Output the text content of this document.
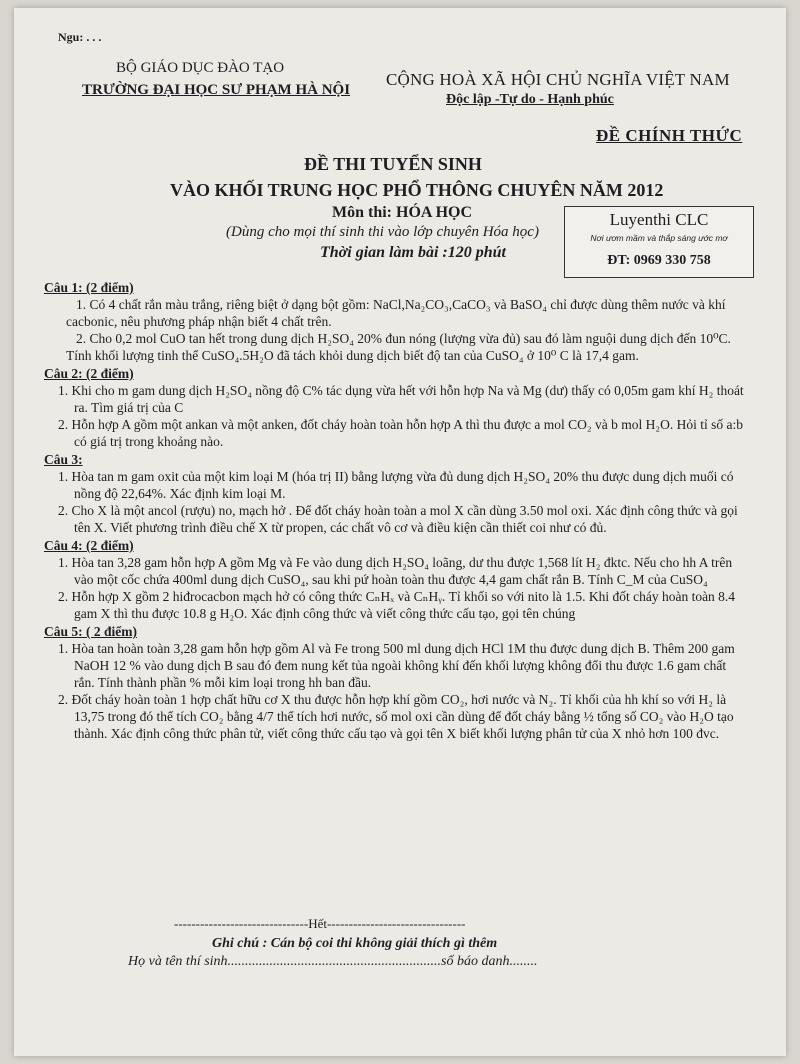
Ngu: . . .
BỘ GIÁO DỤC ĐÀO TẠO
TRƯỜNG ĐẠI HỌC SƯ PHẠM HÀ NỘI
CỘNG HOÀ XÃ HỘI CHỦ NGHĨA VIỆT NAM
Độc lập -Tự do - Hạnh phúc
ĐỀ CHÍNH THỨC
ĐỀ THI TUYỂN SINH
VÀO KHỐI TRUNG HỌC PHỔ THÔNG CHUYÊN NĂM 2012
Môn thi: HÓA HỌC
(Dùng cho mọi thí sinh thi vào lớp chuyên Hóa học)
Thời gian làm bài :120 phút
Luyenthi CLC
Nơi ươm mầm và thắp sáng ước mơ
ĐT: 0969 330 758

Câu 1: (2 điểm)

1. Có 4 chất rắn màu trắng, riêng biệt ở dạng bột gồm: NaCl,Na₂CO₃,CaCO₃ và BaSO₄ chỉ được dùng thêm nước và khí cacbonic, nêu phương pháp nhận biết 4 chất trên.

2. Cho 0,2 mol CuO tan hết trong dung dịch H₂SO₄ 20% đun nóng (lượng vừa đủ) sau đó làm nguội dung dịch đến 10⁰C. Tính khối lượng tinh thể CuSO₄.5H₂O đã tách khỏi dung dịch biết độ tan của CuSO₄ ở 10⁰ C là 17,4 gam.

Câu 2: (2 điểm)

1. Khi cho m gam dung dịch H₂SO₄ nồng độ C% tác dụng vừa hết với hỗn hợp Na và Mg (dư) thấy có 0,05m gam khí H₂ thoát ra. Tìm giá trị của C

2. Hỗn hợp A gồm một ankan và một anken, đốt cháy hoàn toàn hỗn hợp A thì thu được a mol CO₂ và b mol H₂O. Hỏi tỉ số a:b có giá trị trong khoảng nào.

Câu 3:

1. Hòa tan m gam oxit của một kim loại M (hóa trị II) bằng lượng vừa đủ dung dịch H₂SO₄ 20% thu được dung dịch muối có nồng độ 22,64%. Xác định kim loại M.

2. Cho X là một ancol (rượu) no, mạch hở . Để đốt cháy hoàn toàn a mol X cần dùng 3.50 mol oxi. Xác định công thức và gọi tên X. Viết phương trình điều chế X từ propen, các chất vô cơ và điều kiện cần thiết coi như có đủ.

Câu 4: (2 điểm)

1. Hòa tan 3,28 gam hỗn hợp A gồm Mg và Fe vào dung dịch H₂SO₄ loãng, dư thu được 1,568 lít H₂ đktc. Nếu cho hh A trên vào một cốc chứa 400ml dung dịch CuSO₄, sau khi pứ hoàn toàn thu được 4,4 gam chất rắn B. Tính C_M của CuSO₄

2. Hỗn hợp X gồm 2 hiđrocacbon mạch hở có công thức CₙHₓ và CₙHᵧ. Tỉ khối so với nito là 1.5. Khi đốt cháy hoàn toàn 8.4 gam X thì thu được 10.8 g H₂O. Xác định công thức và viết công thức cấu tạo, gọi tên chúng

Câu 5: ( 2 điểm)

1. Hòa tan hoàn toàn 3,28 gam hỗn hợp gồm Al và Fe trong 500 ml dung dịch HCl 1M thu được dung dịch B. Thêm 200 gam NaOH 12 % vào dung dịch B sau đó đem nung kết tủa ngoài không khí đến khối lượng không đổi thu được 1.6 gam chất rắn. Tính thành phần % mỗi kim loại trong hh ban đầu.

2. Đốt cháy hoàn toàn 1 hợp chất hữu cơ X thu được hỗn hợp khí gồm CO₂, hơi nước và N₂. Tỉ khối của hh khí so với H₂ là 13,75 trong đó thể tích CO₂ bằng 4/7 thể tích hơi nước, số mol oxi cần dùng để đốt cháy bằng ½ tổng số CO₂ vào H₂O tạo thành. Xác định công thức phân tử, viết công thức cấu tạo và gọi tên X biết khối lượng phân tử của X nhỏ hơn 100 đvc.

-------------------------------Hết--------------------------------
Ghi chú : Cán bộ coi thi không giải thích gì thêm
Họ và tên thí sinh.............................................................số báo danh........
